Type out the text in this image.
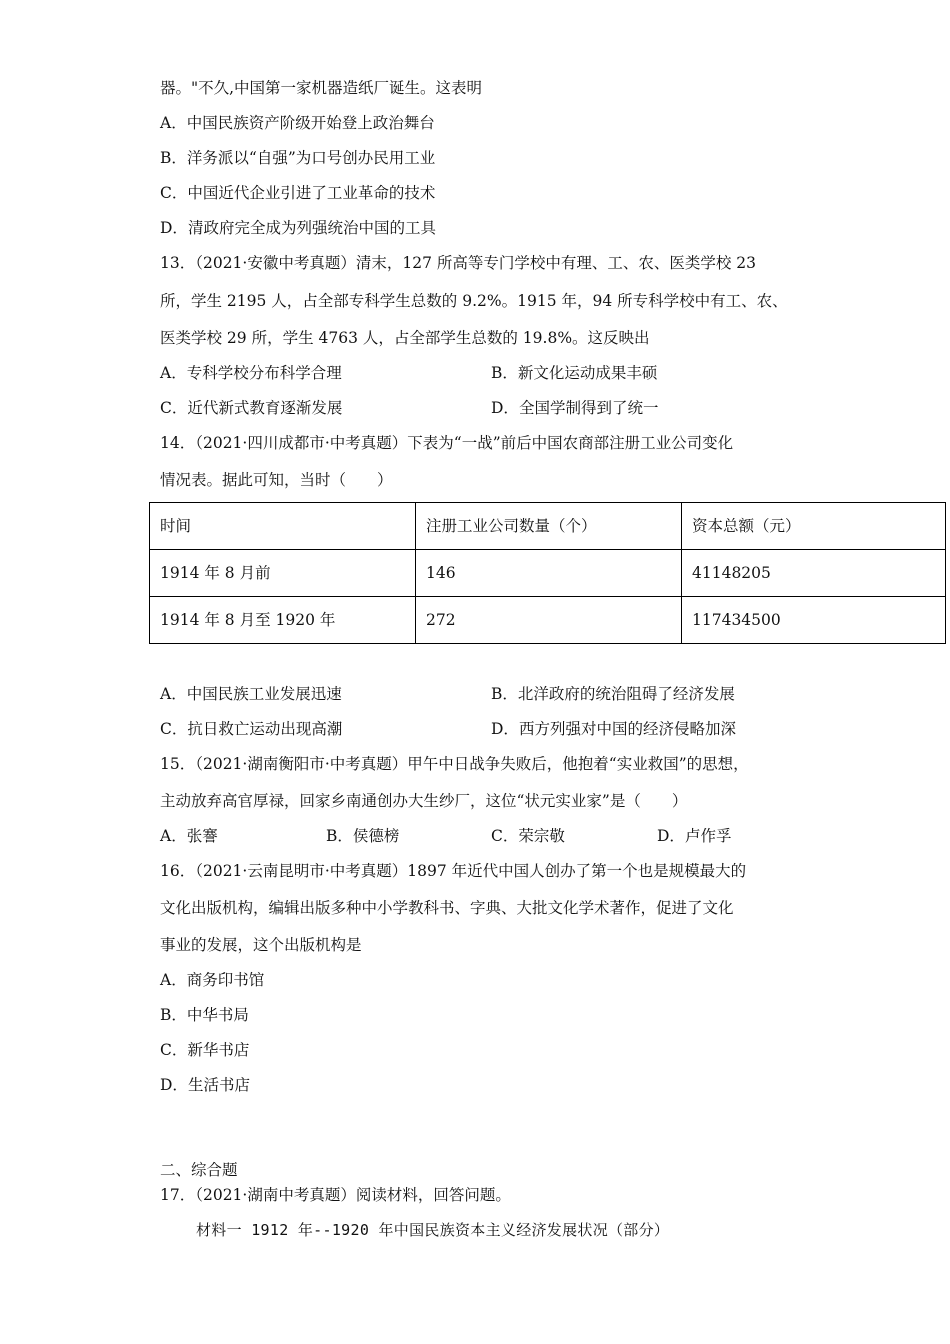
器。"不久,中国第一家机器造纸厂诞生。这表明
A．中国民族资产阶级开始登上政治舞台
B．洋务派以“自强”为口号创办民用工业
C．中国近代企业引进了工业革命的技术
D．清政府完全成为列强统治中国的工具
13．（2021·安徽中考真题）清末，127 所高等专门学校中有理、工、农、医类学校 23
所，学生 2195 人，占全部专科学生总数的 9.2%。1915 年，94 所专科学校中有工、农、
医类学校 29 所，学生 4763 人，占全部学生总数的 19.8%。这反映出
A．专科学校分布科学合理	B．新文化运动成果丰硕
C．近代新式教育逐渐发展	D．全国学制得到了统一
14．（2021·四川成都市·中考真题）下表为“一战”前后中国农商部注册工业公司变化
情况表。据此可知，当时（　　）
时间	注册工业公司数量（个）	资本总额（元）
1914 年 8 月前	146	41148205
1914 年 8 月至 1920 年	272	117434500
A．中国民族工业发展迅速	B．北洋政府的统治阻碍了经济发展
C．抗日救亡运动出现高潮	D．西方列强对中国的经济侵略加深
15．（2021·湖南衡阳市·中考真题）甲午中日战争失败后，他抱着“实业救国”的思想，
主动放弃高官厚禄，回家乡南通创办大生纱厂，这位“状元实业家”是（　　）
A．张謇	B．侯德榜	C．荣宗敬	D．卢作孚
16．（2021·云南昆明市·中考真题）1897 年近代中国人创办了第一个也是规模最大的
文化出版机构，编辑出版多种中小学教科书、字典、大批文化学术著作，促进了文化
事业的发展，这个出版机构是
A．商务印书馆
B．中华书局
C．新华书店
D．生活书店
二、综合题
17．（2021·湖南中考真题）阅读材料，回答问题。
材料一 1912 年--1920 年中国民族资本主义经济发展状况（部分）
